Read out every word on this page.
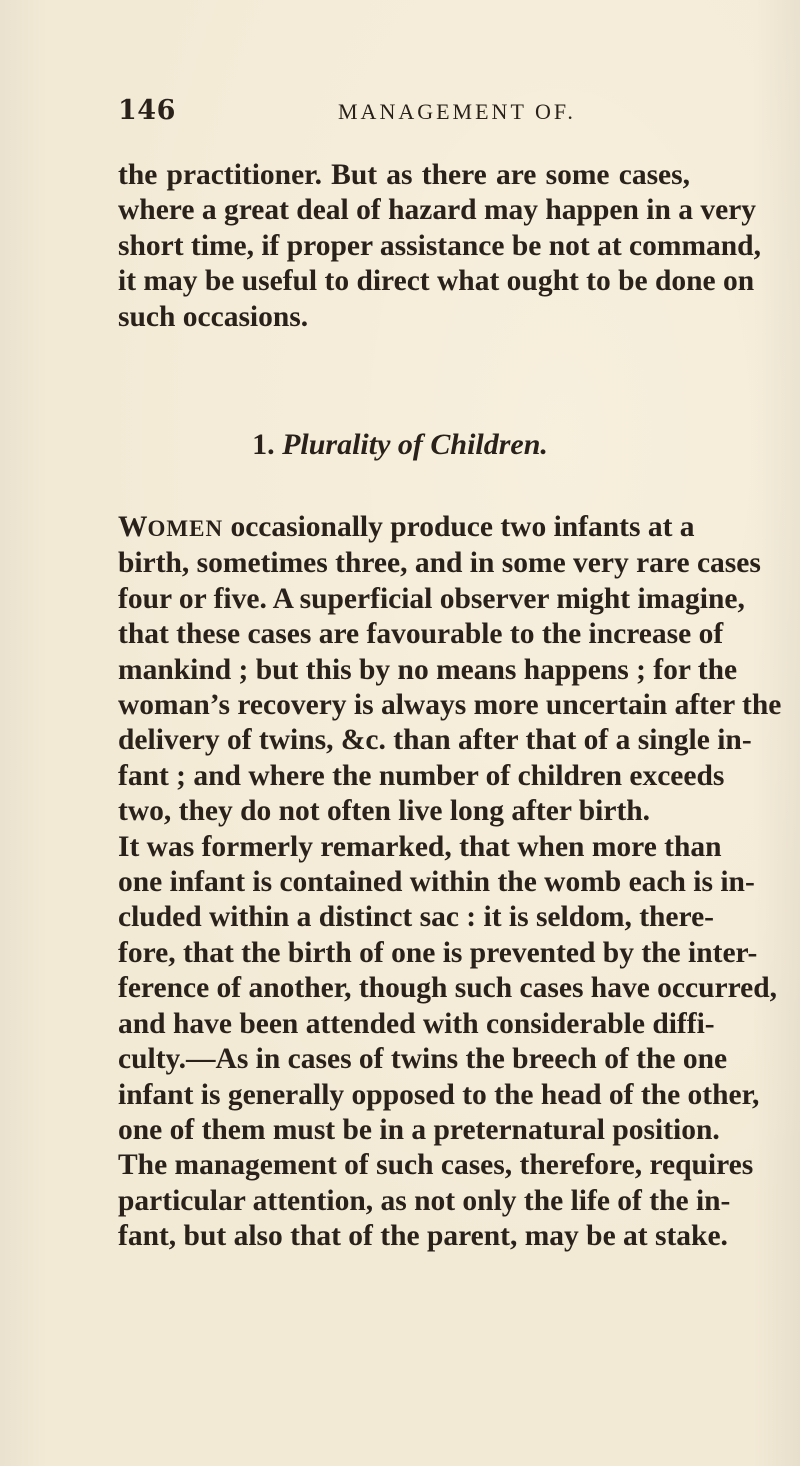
146	MANAGEMENT OF.
the practitioner. But as there are some cases,
where a great deal of hazard may happen in a very
short time, if proper assistance be not at command,
it may be useful to direct what ought to be done on
such occasions.
1. Plurality of Children.
WOMEN occasionally produce two infants at a
birth, sometimes three, and in some very rare cases
four or five. A superficial observer might imagine,
that these cases are favourable to the increase of
mankind ; but this by no means happens ; for the
woman’s recovery is always more uncertain after the
delivery of twins, &c. than after that of a single in-
fant ; and where the number of children exceeds
two, they do not often live long after birth.
It was formerly remarked, that when more than
one infant is contained within the womb each is in-
cluded within a distinct sac : it is seldom, there-
fore, that the birth of one is prevented by the inter-
ference of another, though such cases have occurred,
and have been attended with considerable diffi-
culty.—As in cases of twins the breech of the one
infant is generally opposed to the head of the other,
one of them must be in a preternatural position.
The management of such cases, therefore, requires
particular attention, as not only the life of the in-
fant, but also that of the parent, may be at stake.
